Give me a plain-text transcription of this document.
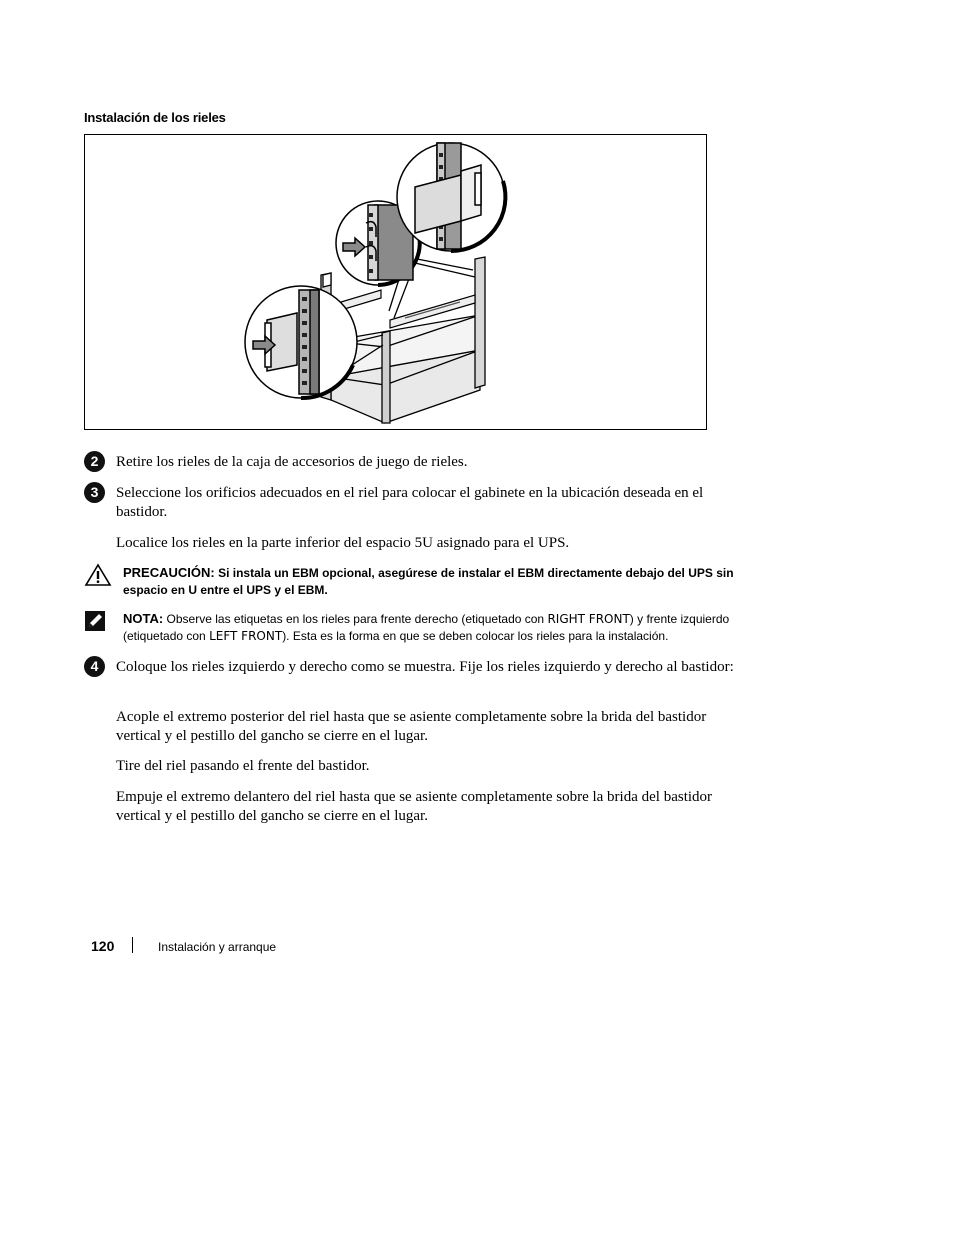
Instalación de los rieles
2	Retire los rieles de la caja de accesorios de juego de rieles.
3	Seleccione los orificios adecuados en el riel para colocar el gabinete en la ubicación deseada en el bastidor.
Localice los rieles en la parte inferior del espacio 5U asignado para el UPS.
PRECAUCIÓN: Si instala un EBM opcional, asegúrese de instalar el EBM directamente debajo del UPS sin espacio en U entre el UPS y el EBM.
NOTA: Observe las etiquetas en los rieles para frente derecho (etiquetado con RIGHT FRONT) y frente izquierdo (etiquetado con LEFT FRONT). Esta es la forma en que se deben colocar los rieles para la instalación.
4	Coloque los rieles izquierdo y derecho como se muestra. Fije los rieles izquierdo y derecho al bastidor:
Acople el extremo posterior del riel hasta que se asiente completamente sobre la brida del bastidor vertical y el pestillo del gancho se cierre en el lugar.
Tire del riel pasando el frente del bastidor.
Empuje el extremo delantero del riel hasta que se asiente completamente sobre la brida del bastidor vertical y el pestillo del gancho se cierre en el lugar.
120	Instalación y arranque
